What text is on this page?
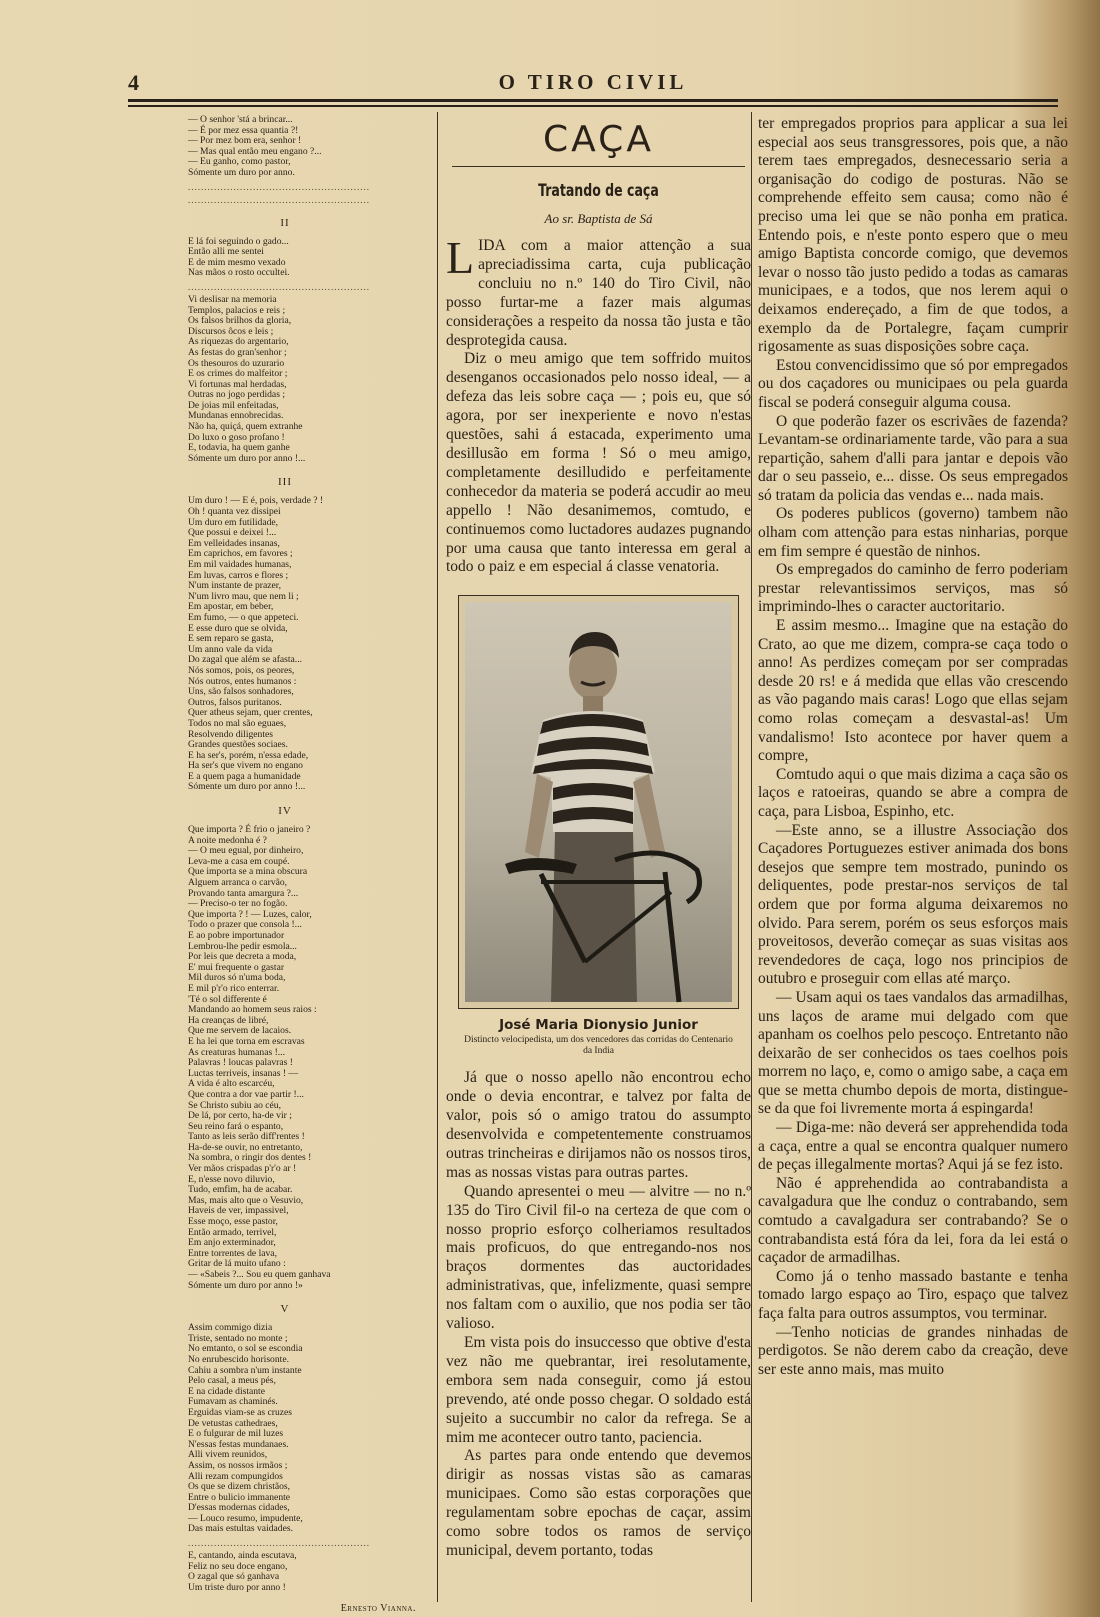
O TIRO CIVIL
4
— O senhor 'stá a brincar...
— É por mez essa quantia ?!
— Por mez bom era, senhor !
— Mas qual então meu engano ?...
— Eu ganho, como pastor,
Sómente um duro por anno.
........................................................
........................................................
II
E lá foi seguindo o gado...
Então alli me sentei
E de mim mesmo vexado
Nas mãos o rosto occultei.
........................................................
Vi deslisar na memoria
Templos, palacios e reis ;
Os falsos brilhos da gloria,
Discursos ôcos e leis ;
As riquezas do argentario,
As festas do gran'senhor ;
Os thesouros do uzurario
E os crimes do malfeitor ;
Vi fortunas mal herdadas,
Outras no jogo perdidas ;
De joias mil enfeitadas,
Mundanas ennobrecidas.
Não ha, quiçá, quem extranhe
Do luxo o goso profano !
E, todavia, ha quem ganhe
Sómente um duro por anno !...
III
Um duro ! — E é, pois, verdade ? !
Oh ! quanta vez dissipei
Um duro em futilidade,
Que possui e deixei !...
Em velleidades insanas,
Em caprichos, em favores ;
Em mil vaidades humanas,
Em luvas, carros e flores ;
N'um instante de prazer,
N'um livro mau, que nem li ;
Em apostar, em beber,
Em fumo, — o que appeteci.
E esse duro que se olvida,
E sem reparo se gasta,
Um anno vale da vida
Do zagal que além se afasta...
Nós somos, pois, os peores,
Nós outros, entes humanos :
Uns, são falsos sonhadores,
Outros, falsos puritanos.
Quer atheus sejam, quer crentes,
Todos no mal são eguaes,
Resolvendo diligentes
Grandes questões sociaes.
E ha ser's, porém, n'essa edade,
Ha ser's que vivem no engano
E a quem paga a humanidade
Sómente um duro por anno !...
IV
Que importa ? É frio o janeiro ?
A noite medonha é ?
— O meu egual, por dinheiro,
Leva-me a casa em coupé.
Que importa se a mina obscura
Alguem arranca o carvão,
Provando tanta amargura ?...
— Preciso-o ter no fogão.
Que importa ? ! — Luzes, calor,
Todo o prazer que consola !...
E ao pobre importunador
Lembrou-lhe pedir esmola...
Por leis que decreta a moda,
E' mui frequente o gastar
Mil duros só n'uma boda,
E mil p'r'o rico enterrar.
'Té o sol differente é
Mandando ao homem seus raios :
Ha creanças de libré,
Que me servem de lacaios.
E ha lei que torna em escravas
As creaturas humanas !...
Palavras ! loucas palavras !
Luctas terriveis, insanas ! —
A vida é alto escarcéu,
Que contra a dor vae partir !...
Se Christo subiu ao céu,
De lá, por certo, ha-de vir ;
Seu reino fará o espanto,
Tanto as leis serão diff'rentes !
Ha-de-se ouvir, no entretanto,
Na sombra, o ringir dos dentes !
Ver mãos crispadas p'r'o ar !
E, n'esse novo diluvio,
Tudo, emfim, ha de acabar.
Mas, mais alto que o Vesuvio,
Haveis de ver, impassivel,
Esse moço, esse pastor,
Então armado, terrivel,
Em anjo exterminador,
Entre torrentes de lava,
Gritar de lá muito ufano :
— «Sabeis ?... Sou eu quem ganhava
Sómente um duro por anno !»
V
Assim commigo dizia
Triste, sentado no monte ;
No emtanto, o sol se escondia
No enrubescido horisonte.
Cahiu a sombra n'um instante
Pelo casal, a meus pés,
E na cidade distante
Fumavam as chaminés.
Erguidas viam-se as cruzes
De vetustas cathedraes,
E o fulgurar de mil luzes
N'essas festas mundanaes.
Alli vivem reunidos,
Assim, os nossos irmãos ;
Alli rezam compungidos
Os que se dizem christãos,
Entre o bulicio immanente
D'essas modernas cidades,
— Louco resumo, impudente,
Das mais estultas vaidades.
........................................................
E, cantando, ainda escutava,
Feliz no seu doce engano,
O zagal que só ganhava
Um triste duro por anno !
Ernesto Vianna.
CAÇA
Tratando de caça
Ao sr. Baptista de Sá

LIDA com a maior attenção a sua apreciadissima carta, cuja publicação concluiu no n.º 140 do Tiro Civil, não posso furtar-me a fazer mais algumas considerações a respeito da nossa tão justa e tão desprotegida causa.

Diz o meu amigo que tem soffrido muitos desenganos occasionados pelo nosso ideal, — a defeza das leis sobre caça — ; pois eu, que só agora, por ser inexperiente e novo n'estas questões, sahi á estacada, experimento uma desillusão em forma ! Só o meu amigo, completamente desilludido e perfeitamente conhecedor da materia se poderá accudir ao meu appello ! Não desanimemos, comtudo, e continuemos como luctadores audazes pugnando por uma causa que tanto interessa em geral a todo o paiz e em especial á classe venatoria.

José Maria Dionysio Junior
Distincto velocipedista, um dos vencedores das corridas do Centenario da India

Já que o nosso apello não encontrou echo onde o devia encontrar, e talvez por falta de valor, pois só o amigo tratou do assumpto desenvolvida e competentemente construamos outras trincheiras e dirijamos não os nossos tiros, mas as nossas vistas para outras partes.

Quando apresentei o meu — alvitre — no n.º 135 do Tiro Civil fil-o na certeza de que com o nosso proprio esforço colheriamos resultados mais proficuos, do que entregando-nos nos braços dormentes das auctoridades administrativas, que, infelizmente, quasi sempre nos faltam com o auxilio, que nos podia ser tão valioso.

Em vista pois do insuccesso que obtive d'esta vez não me quebrantar, irei resolutamente, embora sem nada conseguir, como já estou prevendo, até onde posso chegar. O soldado está sujeito a succumbir no calor da refrega. Se a mim me acontecer outro tanto, paciencia.

As partes para onde entendo que devemos dirigir as nossas vistas são as camaras municipaes. Como são estas corporações que regulamentam sobre epochas de caçar, assim como sobre todos os ramos de serviço municipal, devem portanto, todas

ter empregados proprios para applicar a sua lei especial aos seus transgressores, pois que, a não terem taes empregados, desnecessario seria a organisação do codigo de posturas. Não se comprehende effeito sem causa; como não é preciso uma lei que se não ponha em pratica. Entendo pois, e n'este ponto espero que o meu amigo Baptista concorde comigo, que devemos levar o nosso tão justo pedido a todas as camaras municipaes, e a todos, que nos lerem aqui o deixamos endereçado, a fim de que todos, a exemplo da de Portalegre, façam cumprir rigosamente as suas disposições sobre caça.

Estou convencidissimo que só por empregados ou dos caçadores ou municipaes ou pela guarda fiscal se poderá conseguir alguma cousa.

O que poderão fazer os escrivães de fazenda? Levantam-se ordinariamente tarde, vão para a sua repartição, sahem d'alli para jantar e depois vão dar o seu passeio, e... disse. Os seus empregados só tratam da policia das vendas e... nada mais.

Os poderes publicos (governo) tambem não olham com attenção para estas ninharias, porque em fim sempre é questão de ninhos.

Os empregados do caminho de ferro poderiam prestar relevantissimos serviços, mas só imprimindo-lhes o caracter auctoritario.

E assim mesmo... Imagine que na estação do Crato, ao que me dizem, compra-se caça todo o anno! As perdizes começam por ser compradas desde 20 rs! e á medida que ellas vão crescendo as vão pagando mais caras! Logo que ellas sejam como rolas começam a desvastal-as! Um vandalismo! Isto acontece por haver quem a compre,

Comtudo aqui o que mais dizima a caça são os laços e ratoeiras, quando se abre a compra de caça, para Lisboa, Espinho, etc.

—Este anno, se a illustre Associação dos Caçadores Portuguezes estiver animada dos bons desejos que sempre tem mostrado, punindo os deliquentes, pode prestar-nos serviços de tal ordem que por forma alguma deixaremos no olvido. Para serem, porém os seus esforços mais proveitosos, deverão começar as suas visitas aos revendedores de caça, logo nos principios de outubro e proseguir com ellas até março.

— Usam aqui os taes vandalos das armadilhas, uns laços de arame mui delgado com que apanham os coelhos pelo pescoço. Entretanto não deixarão de ser conhecidos os taes coelhos pois morrem no laço, e, como o amigo sabe, a caça em que se metta chumbo depois de morta, distingue-se da que foi livremente morta á espingarda!

— Diga-me: não deverá ser apprehendida toda a caça, entre a qual se encontra qualquer numero de peças illegalmente mortas? Aqui já se fez isto.

Não é apprehendida ao contrabandista a cavalgadura que lhe conduz o contrabando, sem comtudo a cavalgadura ser contrabando? Se o contrabandista está fóra da lei, fora da lei está o caçador de armadilhas.

Como já o tenho massado bastante e tenha tomado largo espaço ao Tiro, espaço que talvez faça falta para outros assumptos, vou terminar.

—Tenho noticias de grandes ninhadas de perdigotos. Se não derem cabo da creação, deve ser este anno mais, mas muito
